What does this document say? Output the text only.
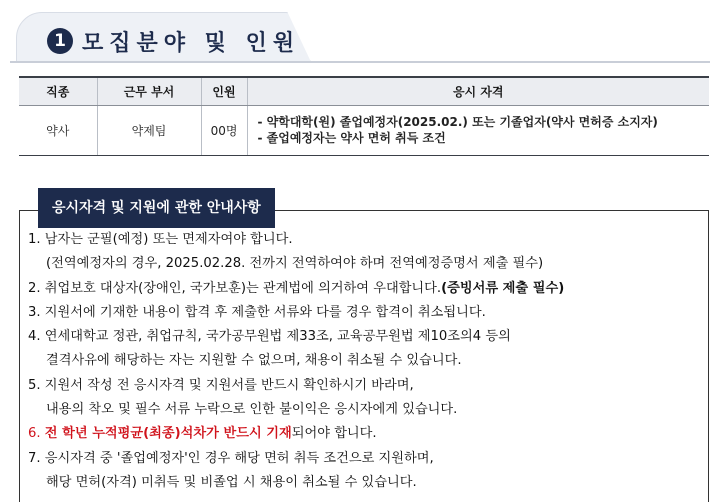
1 모집분야 및 인원
직종	근무 부서	인원	응시 자격
약사	약제팀	00명	- 약학대학(원) 졸업예정자(2025.02.) 또는 기졸업자(약사 면허증 소지자)
- 졸업예정자는 약사 면허 취득 조건
응시자격 및 지원에 관한 안내사항
1. 남자는 군필(예정) 또는 면제자여야 합니다.
(전역예정자의 경우, 2025.02.28. 전까지 전역하여야 하며 전역예정증명서 제출 필수)
2. 취업보호 대상자(장애인, 국가보훈)는 관계법에 의거하여 우대합니다.(증빙서류 제출 필수)
3. 지원서에 기재한 내용이 합격 후 제출한 서류와 다를 경우 합격이 취소됩니다.
4. 연세대학교 정관, 취업규칙, 국가공무원법 제33조, 교육공무원법 제10조의4 등의
결격사유에 해당하는 자는 지원할 수 없으며, 채용이 취소될 수 있습니다.
5. 지원서 작성 전 응시자격 및 지원서를 반드시 확인하시기 바라며,
내용의 착오 및 필수 서류 누락으로 인한 불이익은 응시자에게 있습니다.
6. 전 학년 누적평균(최종)석차가 반드시 기재되어야 합니다.
7. 응시자격 중 '졸업예정자'인 경우 해당 면허 취득 조건으로 지원하며,
해당 면허(자격) 미취득 및 비졸업 시 채용이 취소될 수 있습니다.
